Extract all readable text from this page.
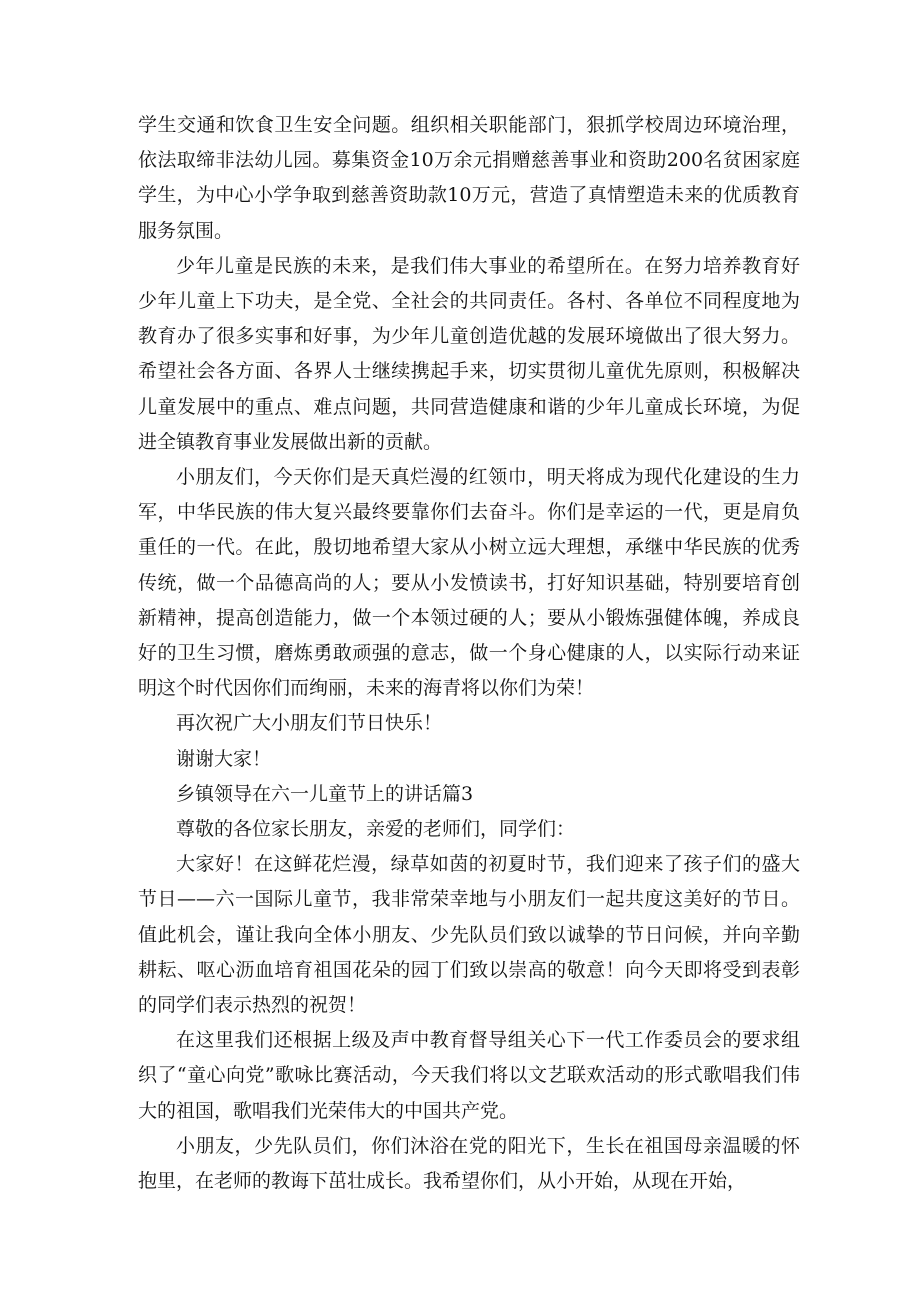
学生交通和饮食卫生安全问题。组织相关职能部门，狠抓学校周边环境治理，依法取缔非法幼儿园。募集资金10万余元捐赠慈善事业和资助200名贫困家庭学生，为中心小学争取到慈善资助款10万元，营造了真情塑造未来的优质教育服务氛围。

少年儿童是民族的未来，是我们伟大事业的希望所在。在努力培养教育好少年儿童上下功夫，是全党、全社会的共同责任。各村、各单位不同程度地为教育办了很多实事和好事，为少年儿童创造优越的发展环境做出了很大努力。希望社会各方面、各界人士继续携起手来，切实贯彻儿童优先原则，积极解决儿童发展中的重点、难点问题，共同营造健康和谐的少年儿童成长环境，为促进全镇教育事业发展做出新的贡献。

小朋友们，今天你们是天真烂漫的红领巾，明天将成为现代化建设的生力军，中华民族的伟大复兴最终要靠你们去奋斗。你们是幸运的一代，更是肩负重任的一代。在此，殷切地希望大家从小树立远大理想，承继中华民族的优秀传统，做一个品德高尚的人；要从小发愤读书，打好知识基础，特别要培育创新精神，提高创造能力，做一个本领过硬的人；要从小锻炼强健体魄，养成良好的卫生习惯，磨炼勇敢顽强的意志，做一个身心健康的人，以实际行动来证明这个时代因你们而绚丽，未来的海青将以你们为荣！

再次祝广大小朋友们节日快乐！

谢谢大家！

乡镇领导在六一儿童节上的讲话篇3

尊敬的各位家长朋友，亲爱的老师们，同学们：

大家好！在这鲜花烂漫，绿草如茵的初夏时节，我们迎来了孩子们的盛大节日——六一国际儿童节，我非常荣幸地与小朋友们一起共度这美好的节日。值此机会，谨让我向全体小朋友、少先队员们致以诚挚的节日问候，并向辛勤耕耘、呕心沥血培育祖国花朵的园丁们致以崇高的敬意！向今天即将受到表彰的同学们表示热烈的祝贺！

在这里我们还根据上级及声中教育督导组关心下一代工作委员会的要求组织了“童心向党”歌咏比赛活动，今天我们将以文艺联欢活动的形式歌唱我们伟大的祖国，歌唱我们光荣伟大的中国共产党。

小朋友，少先队员们，你们沐浴在党的阳光下，生长在祖国母亲温暖的怀抱里，在老师的教诲下茁壮成长。我希望你们，从小开始，从现在开始，
